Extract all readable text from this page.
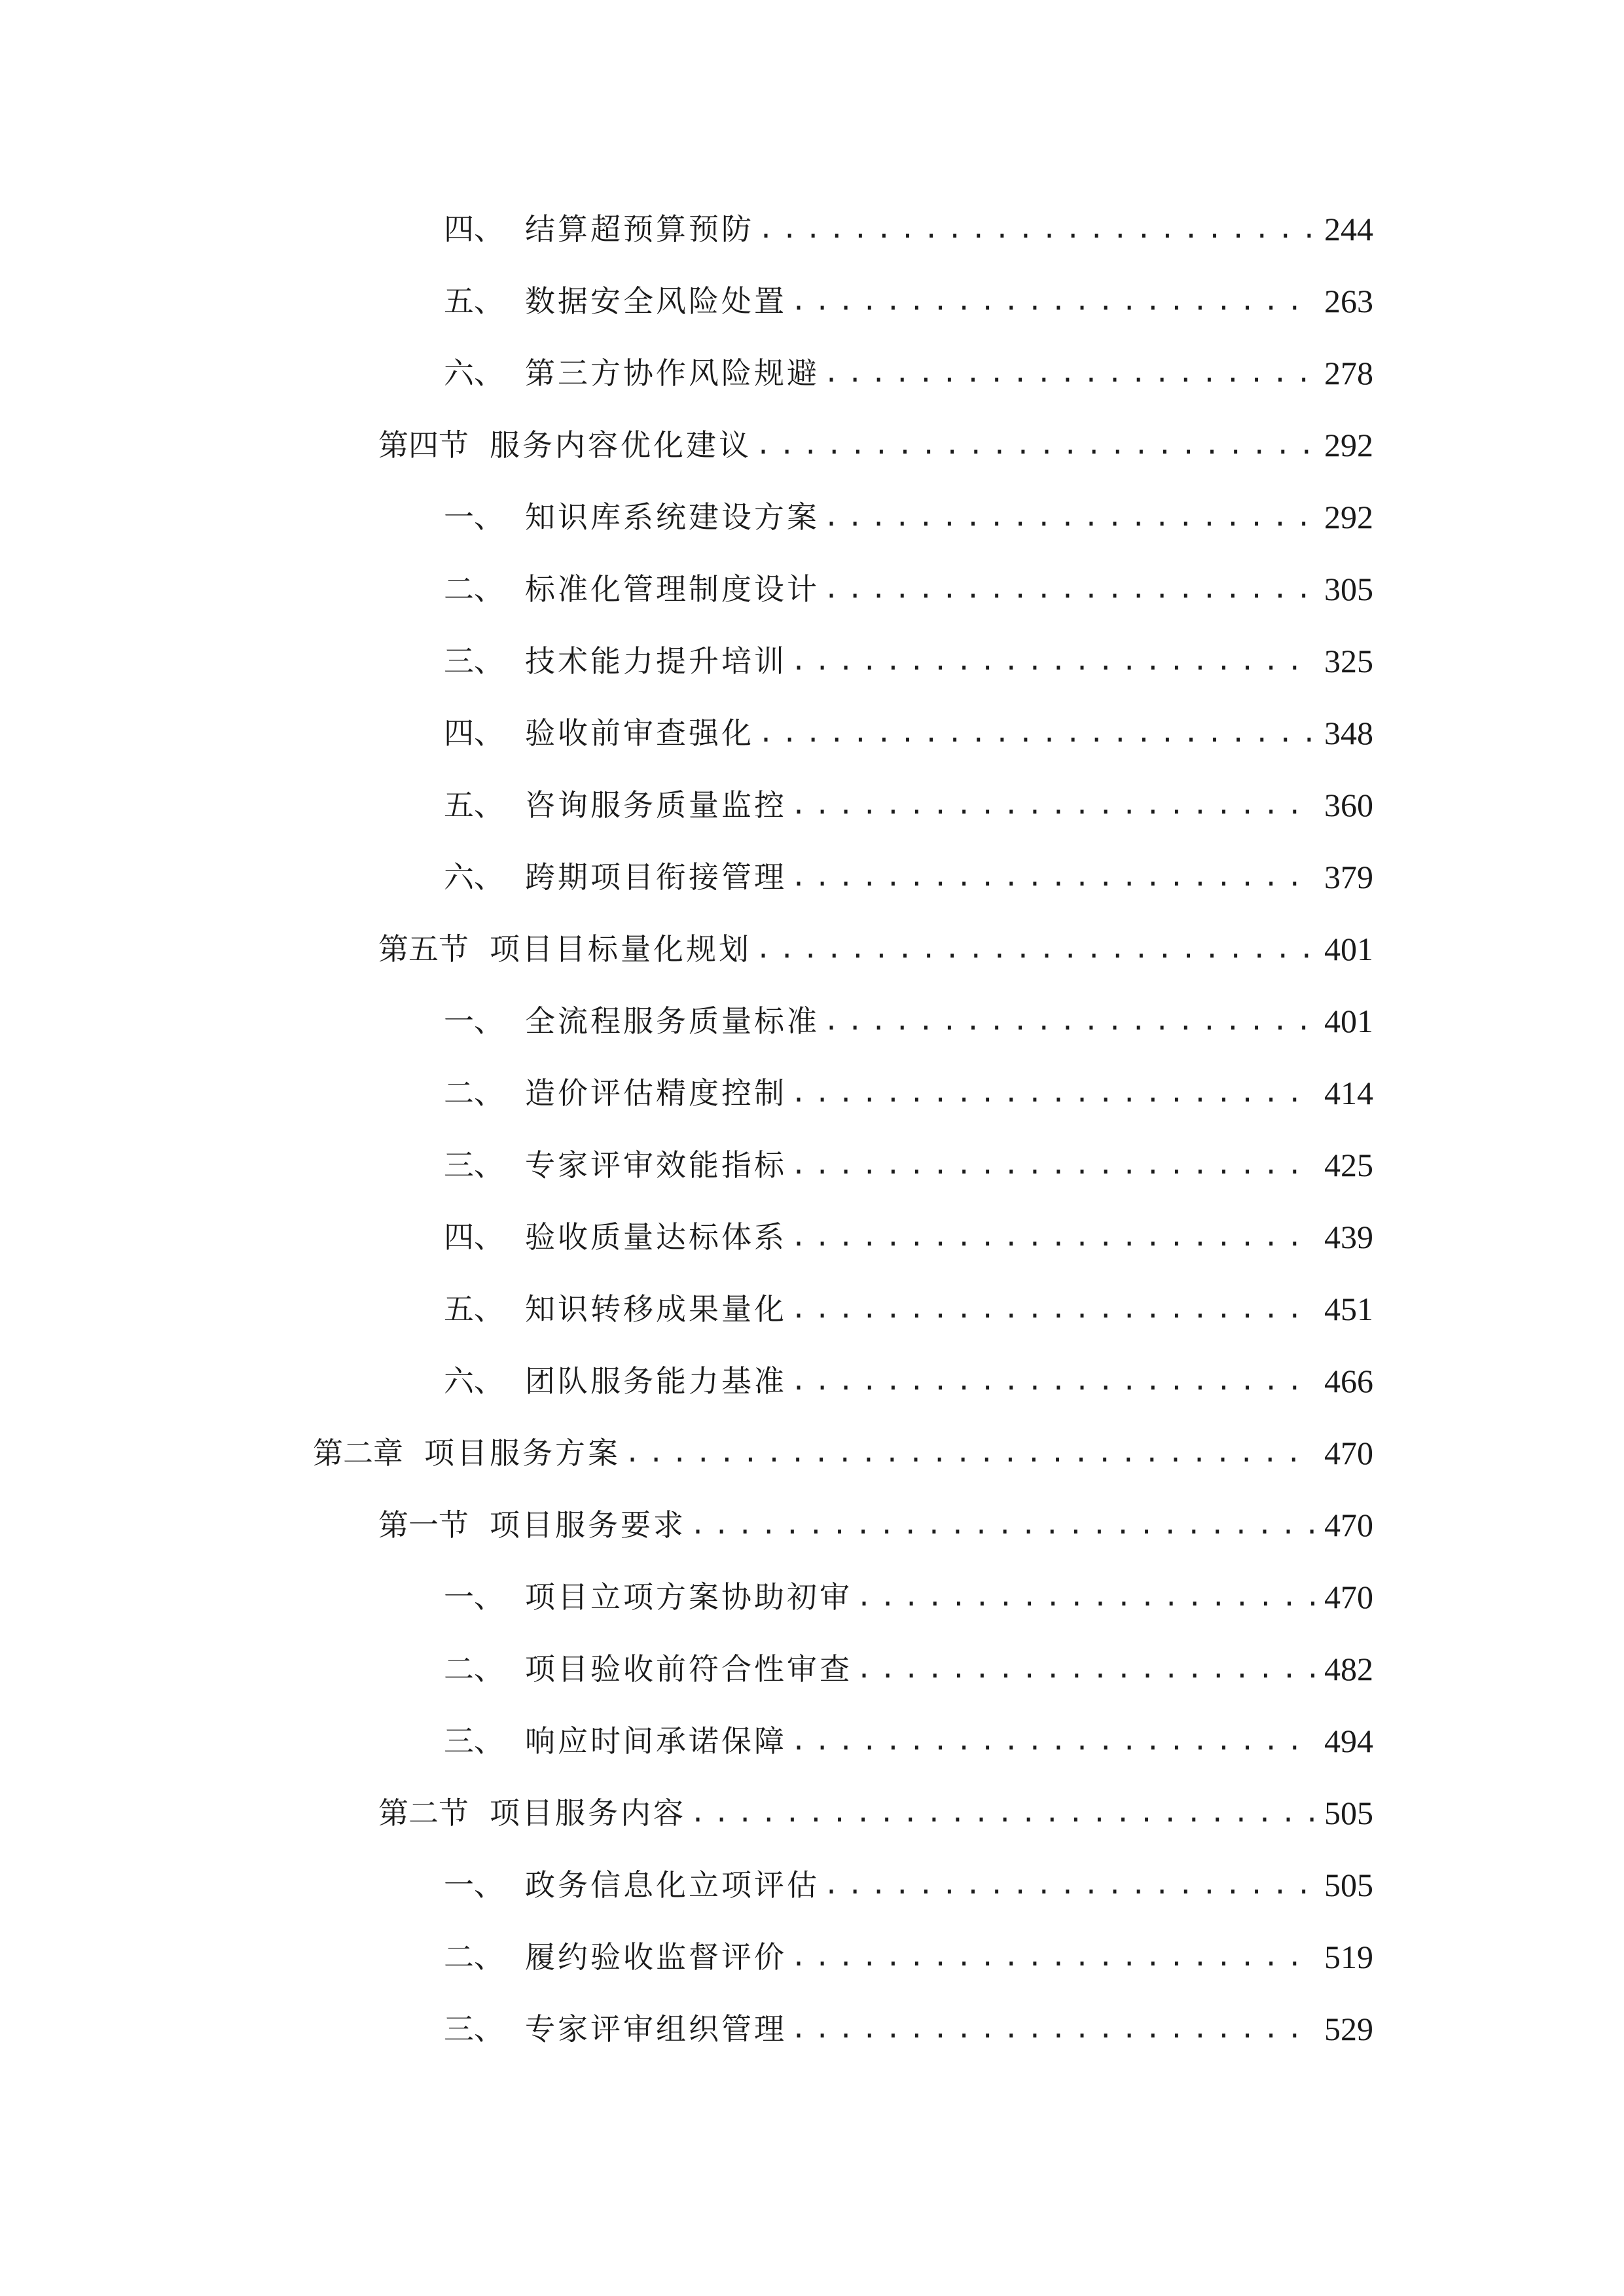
四、 结算超预算预防 .....	244
五、 数据安全风险处置 .....	263
六、 第三方协作风险规避 .....	278
第四节 服务内容优化建议 .....	292
一、 知识库系统建设方案 .....	292
二、 标准化管理制度设计 .....	305
三、 技术能力提升培训 .....	325
四、 验收前审查强化 .....	348
五、 咨询服务质量监控 .....	360
六、 跨期项目衔接管理 .....	379
第五节 项目目标量化规划 .....	401
一、 全流程服务质量标准 .....	401
二、 造价评估精度控制 .....	414
三、 专家评审效能指标 .....	425
四、 验收质量达标体系 .....	439
五、 知识转移成果量化 .....	451
六、 团队服务能力基准 .....	466
第二章 项目服务方案 .....	470
第一节 项目服务要求 .....	470
一、 项目立项方案协助初审 .....	470
二、 项目验收前符合性审查 .....	482
三、 响应时间承诺保障 .....	494
第二节 项目服务内容 .....	505
一、 政务信息化立项评估 .....	505
二、 履约验收监督评价 .....	519
三、 专家评审组织管理 .....	529
